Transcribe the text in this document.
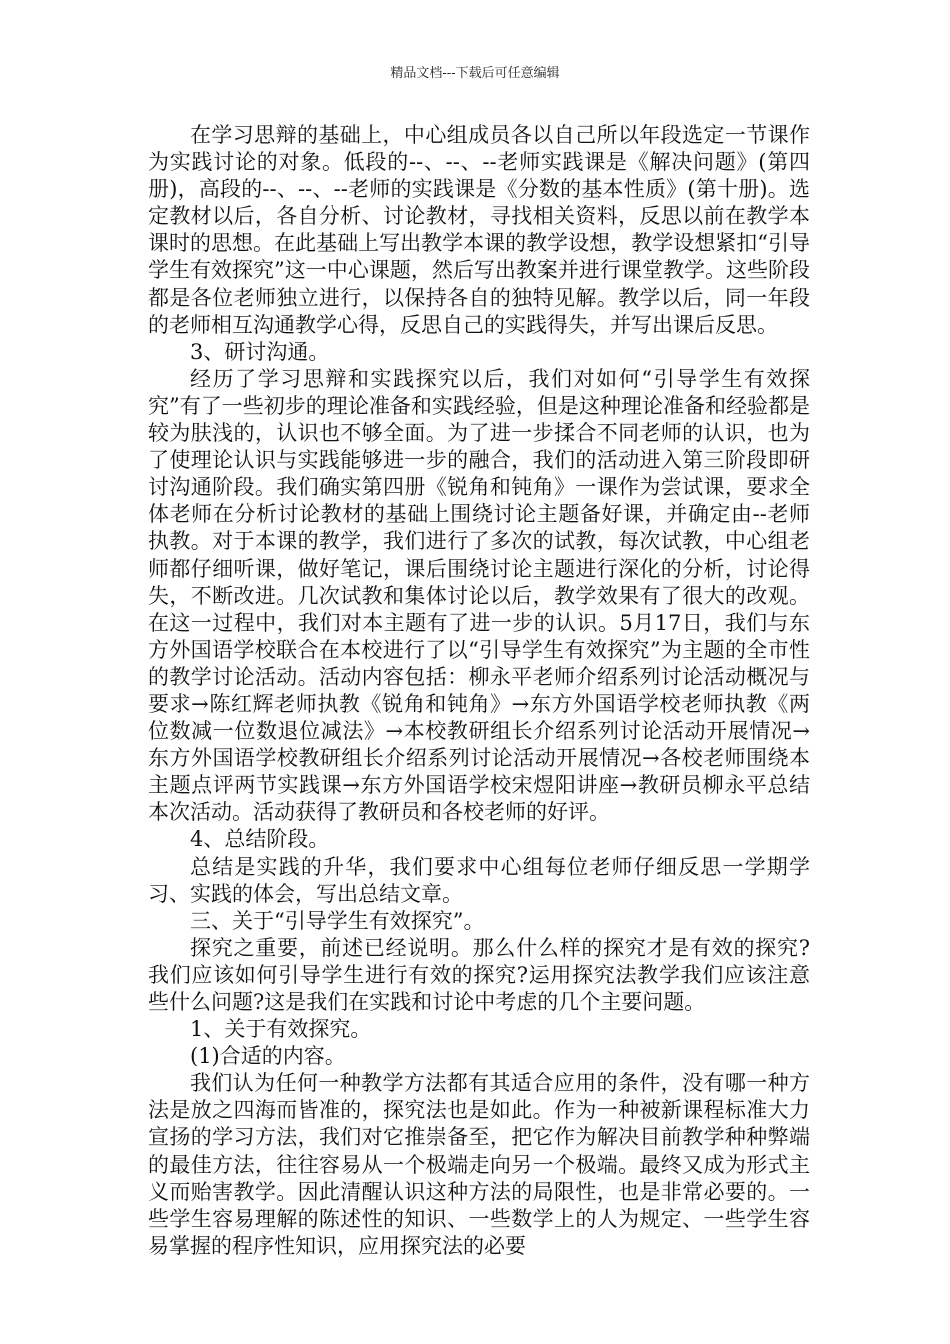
精品文档---下载后可任意编辑

在学习思辩的基础上，中心组成员各以自己所以年段选定一节课作为实践讨论的对象。低段的--、--、--老师实践课是《解决问题》(第四册)，高段的--、--、--老师的实践课是《分数的基本性质》(第十册)。选定教材以后，各自分析、讨论教材，寻找相关资料，反思以前在教学本课时的思想。在此基础上写出教学本课的教学设想，教学设想紧扣“引导学生有效探究”这一中心课题，然后写出教案并进行课堂教学。这些阶段都是各位老师独立进行，以保持各自的独特见解。教学以后，同一年段的老师相互沟通教学心得，反思自己的实践得失，并写出课后反思。

3、研讨沟通。

经历了学习思辩和实践探究以后，我们对如何“引导学生有效探究”有了一些初步的理论准备和实践经验，但是这种理论准备和经验都是较为肤浅的，认识也不够全面。为了进一步揉合不同老师的认识，也为了使理论认识与实践能够进一步的融合，我们的活动进入第三阶段即研讨沟通阶段。我们确实第四册《锐角和钝角》一课作为尝试课，要求全体老师在分析讨论教材的基础上围绕讨论主题备好课，并确定由--老师执教。对于本课的教学，我们进行了多次的试教，每次试教，中心组老师都仔细听课，做好笔记，课后围绕讨论主题进行深化的分析，讨论得失，不断改进。几次试教和集体讨论以后，教学效果有了很大的改观。在这一过程中，我们对本主题有了进一步的认识。5月17日，我们与东方外国语学校联合在本校进行了以“引导学生有效探究”为主题的全市性的教学讨论活动。活动内容包括：柳永平老师介绍系列讨论活动概况与要求→陈红辉老师执教《锐角和钝角》→东方外国语学校老师执教《两位数减一位数退位减法》→本校教研组长介绍系列讨论活动开展情况→东方外国语学校教研组长介绍系列讨论活动开展情况→各校老师围绕本主题点评两节实践课→东方外国语学校宋煜阳讲座→教研员柳永平总结本次活动。活动获得了教研员和各校老师的好评。

4、总结阶段。

总结是实践的升华，我们要求中心组每位老师仔细反思一学期学习、实践的体会，写出总结文章。

三、关于“引导学生有效探究”。

探究之重要，前述已经说明。那么什么样的探究才是有效的探究?我们应该如何引导学生进行有效的探究?运用探究法教学我们应该注意些什么问题?这是我们在实践和讨论中考虑的几个主要问题。

1、关于有效探究。

(1)合适的内容。

我们认为任何一种教学方法都有其适合应用的条件，没有哪一种方法是放之四海而皆准的，探究法也是如此。作为一种被新课程标准大力宣扬的学习方法，我们对它推崇备至，把它作为解决目前教学种种弊端的最佳方法，往往容易从一个极端走向另一个极端。最终又成为形式主义而贻害教学。因此清醒认识这种方法的局限性，也是非常必要的。一些学生容易理解的陈述性的知识、一些数学上的人为规定、一些学生容易掌握的程序性知识，应用探究法的必要
